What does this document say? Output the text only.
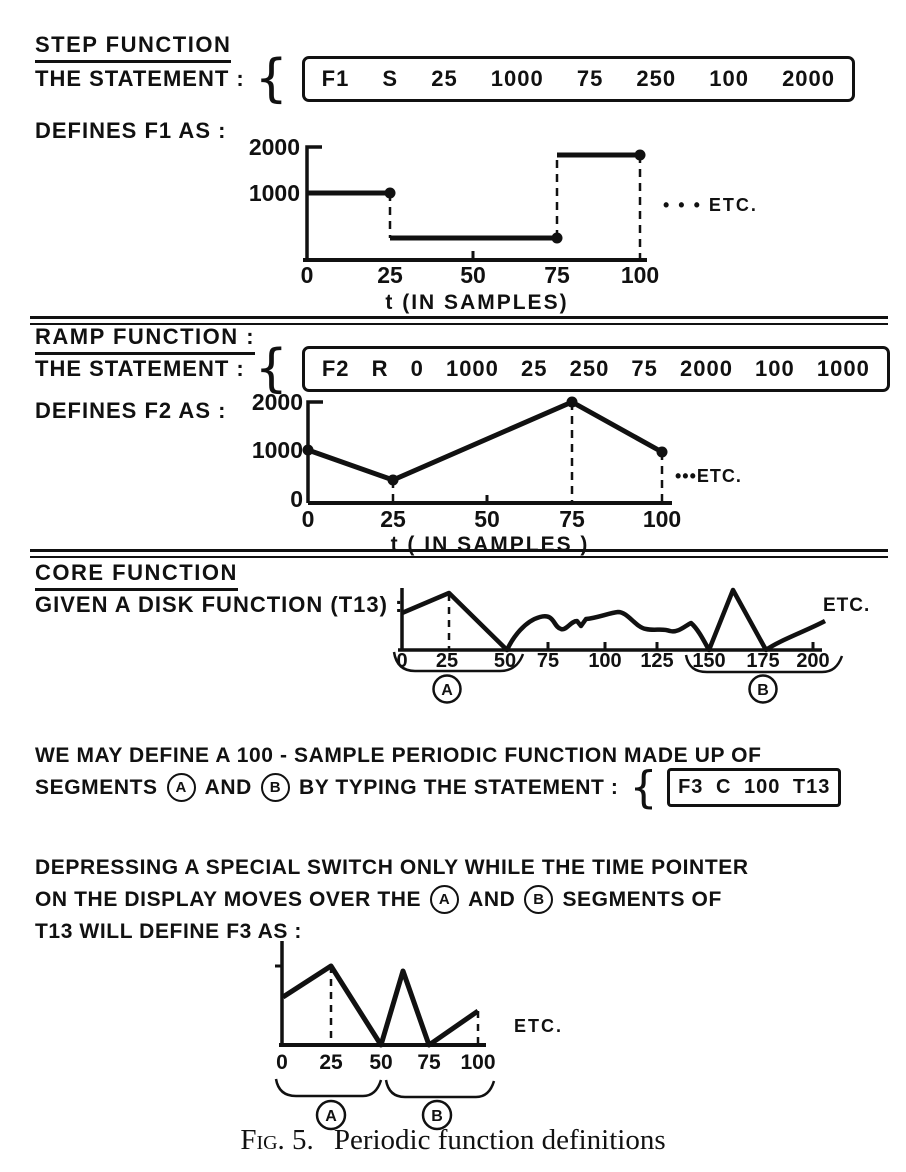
STEP FUNCTION
THE STATEMENT : {	F1 S 25 1000 75 250 100 2000
DEFINES F1 AS :
2000
1000
0	25 50	75 100
• • • ETC.
t (IN SAMPLES)
RAMP FUNCTION :
THE STATEMENT : {	F2 R 0 1000 25 250 75 2000 100 1000
DEFINES F2 AS : 2000
1000
0
0	25	50	75	100
•••ETC.
t ( IN SAMPLES )
CORE FUNCTION
GIVEN A DISK FUNCTION (T13) :
0 25 50 75 100 125 150 175 200
A	B
ETC.
WE MAY DEFINE A 100 - SAMPLE PERIODIC FUNCTION MADE UP OF
SEGMENTS	A AND	B BY TYPING THE STATEMENT : {	F3 C 100 T13
DEPRESSING A SPECIAL SWITCH ONLY WHILE THE TIME POINTER
ON THE DISPLAY MOVES OVER THE	A AND	B SEGMENTS OF
T13 WILL DEFINE F3 AS :
0 25 50 75 100
ETC.
A	B
Fig. 5. Periodic function definitions
